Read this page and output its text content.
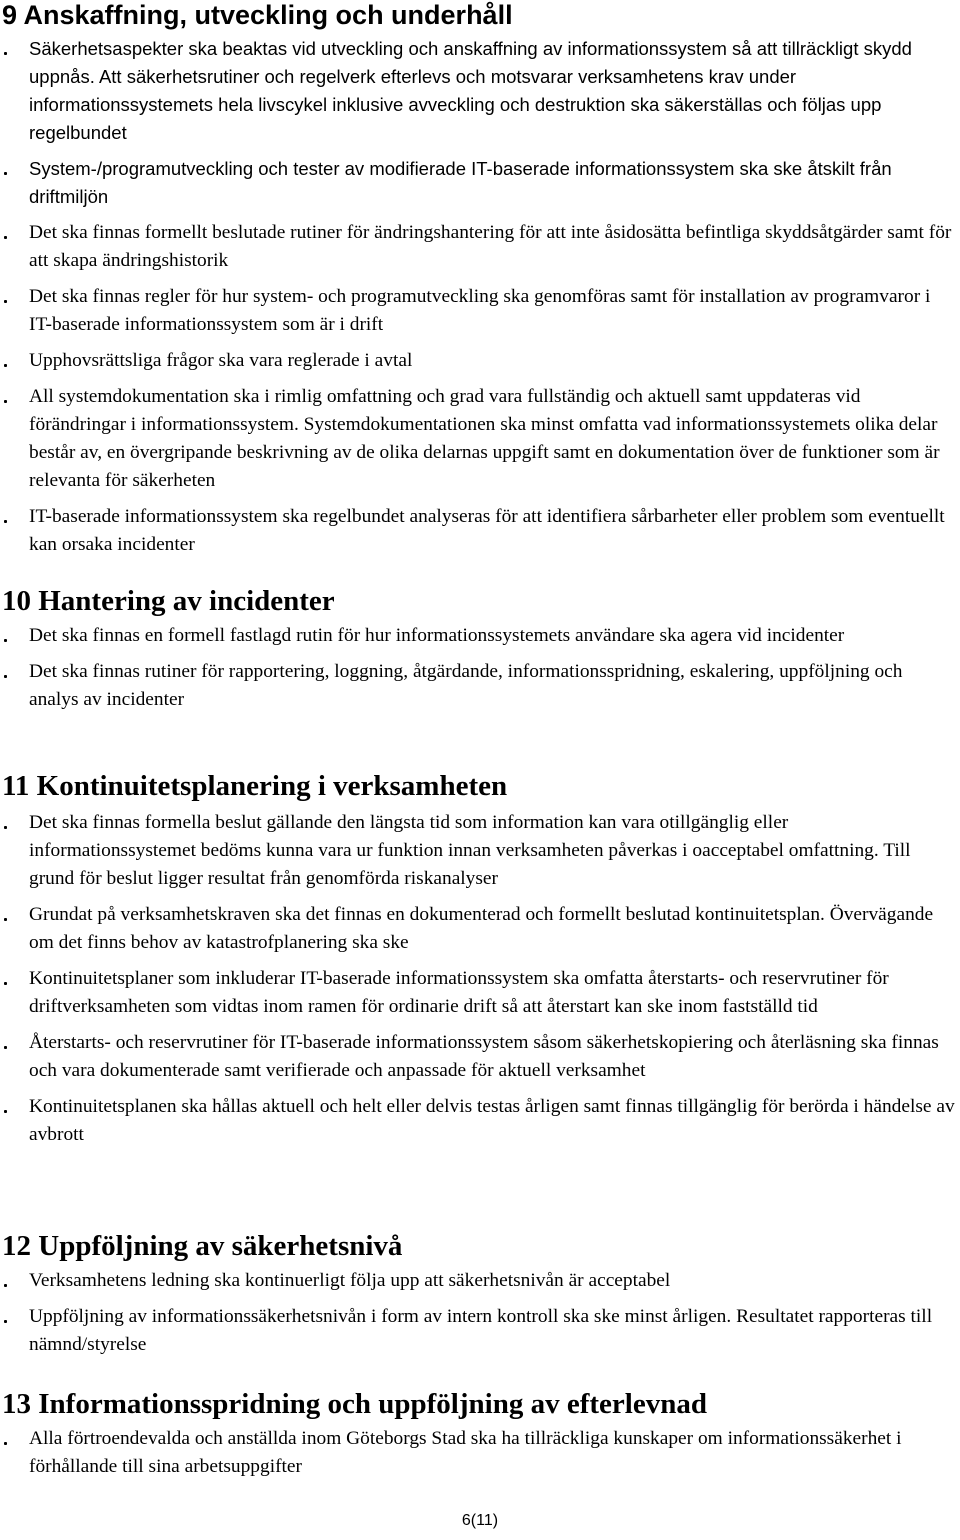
9 Anskaffning, utveckling och underhåll
Säkerhetsaspekter ska beaktas vid utveckling och anskaffning av informationssystem så att tillräckligt skydd uppnås. Att säkerhetsrutiner och regelverk efterlevs och motsvarar verksamhetens krav under informationssystemets hela livscykel inklusive avveckling och destruktion ska säkerställas och följas upp regelbundet
System-/programutveckling och tester av modifierade IT-baserade informationssystem ska ske åtskilt från driftmiljön
Det ska finnas formellt beslutade rutiner för ändringshantering för att inte åsidosätta befintliga skyddsåtgärder samt för att skapa ändringshistorik
Det ska finnas regler för hur system- och programutveckling ska genomföras samt för installation av programvaror i IT-baserade informationssystem som är i drift
Upphovsrättsliga frågor ska vara reglerade i avtal
All systemdokumentation ska i rimlig omfattning och grad vara fullständig och aktuell samt uppdateras vid förändringar i informationssystem. Systemdokumentationen ska minst omfatta vad informationssystemets olika delar består av, en övergripande beskrivning av de olika delarnas uppgift samt en dokumentation över de funktioner som är relevanta för säkerheten
IT-baserade informationssystem ska regelbundet analyseras för att identifiera sårbarheter eller problem som eventuellt kan orsaka incidenter
10 Hantering av incidenter
Det ska finnas en formell fastlagd rutin för hur informationssystemets användare ska agera vid incidenter
Det ska finnas rutiner för rapportering, loggning, åtgärdande, informationsspridning, eskalering, uppföljning och analys av incidenter
11 Kontinuitetsplanering i verksamheten
Det ska finnas formella beslut gällande den längsta tid som information kan vara otillgänglig eller informationssystemet bedöms kunna vara ur funktion innan verksamheten påverkas i oacceptabel omfattning. Till grund för beslut ligger resultat från genomförda riskanalyser
Grundat på verksamhetskraven ska det finnas en dokumenterad och formellt beslutad kontinuitetsplan. Övervägande om det finns behov av katastrofplanering ska ske
Kontinuitetsplaner som inkluderar IT-baserade informationssystem ska omfatta återstarts- och reservrutiner för driftverksamheten som vidtas inom ramen för ordinarie drift så att återstart kan ske inom fastställd tid
Återstarts- och reservrutiner för IT-baserade informationssystem såsom säkerhetskopiering och återläsning ska finnas och vara dokumenterade samt verifierade och anpassade för aktuell verksamhet
Kontinuitetsplanen ska hållas aktuell och helt eller delvis testas årligen samt finnas tillgänglig för berörda i händelse av avbrott
12 Uppföljning av säkerhetsnivå
Verksamhetens ledning ska kontinuerligt följa upp att säkerhetsnivån är acceptabel
Uppföljning av informationssäkerhetsnivån i form av intern kontroll ska ske minst årligen. Resultatet rapporteras till nämnd/styrelse
13 Informationsspridning och uppföljning av efterlevnad
Alla förtroendevalda och anställda inom Göteborgs Stad ska ha tillräckliga kunskaper om informationssäkerhet i förhållande till sina arbetsuppgifter
6(11)
